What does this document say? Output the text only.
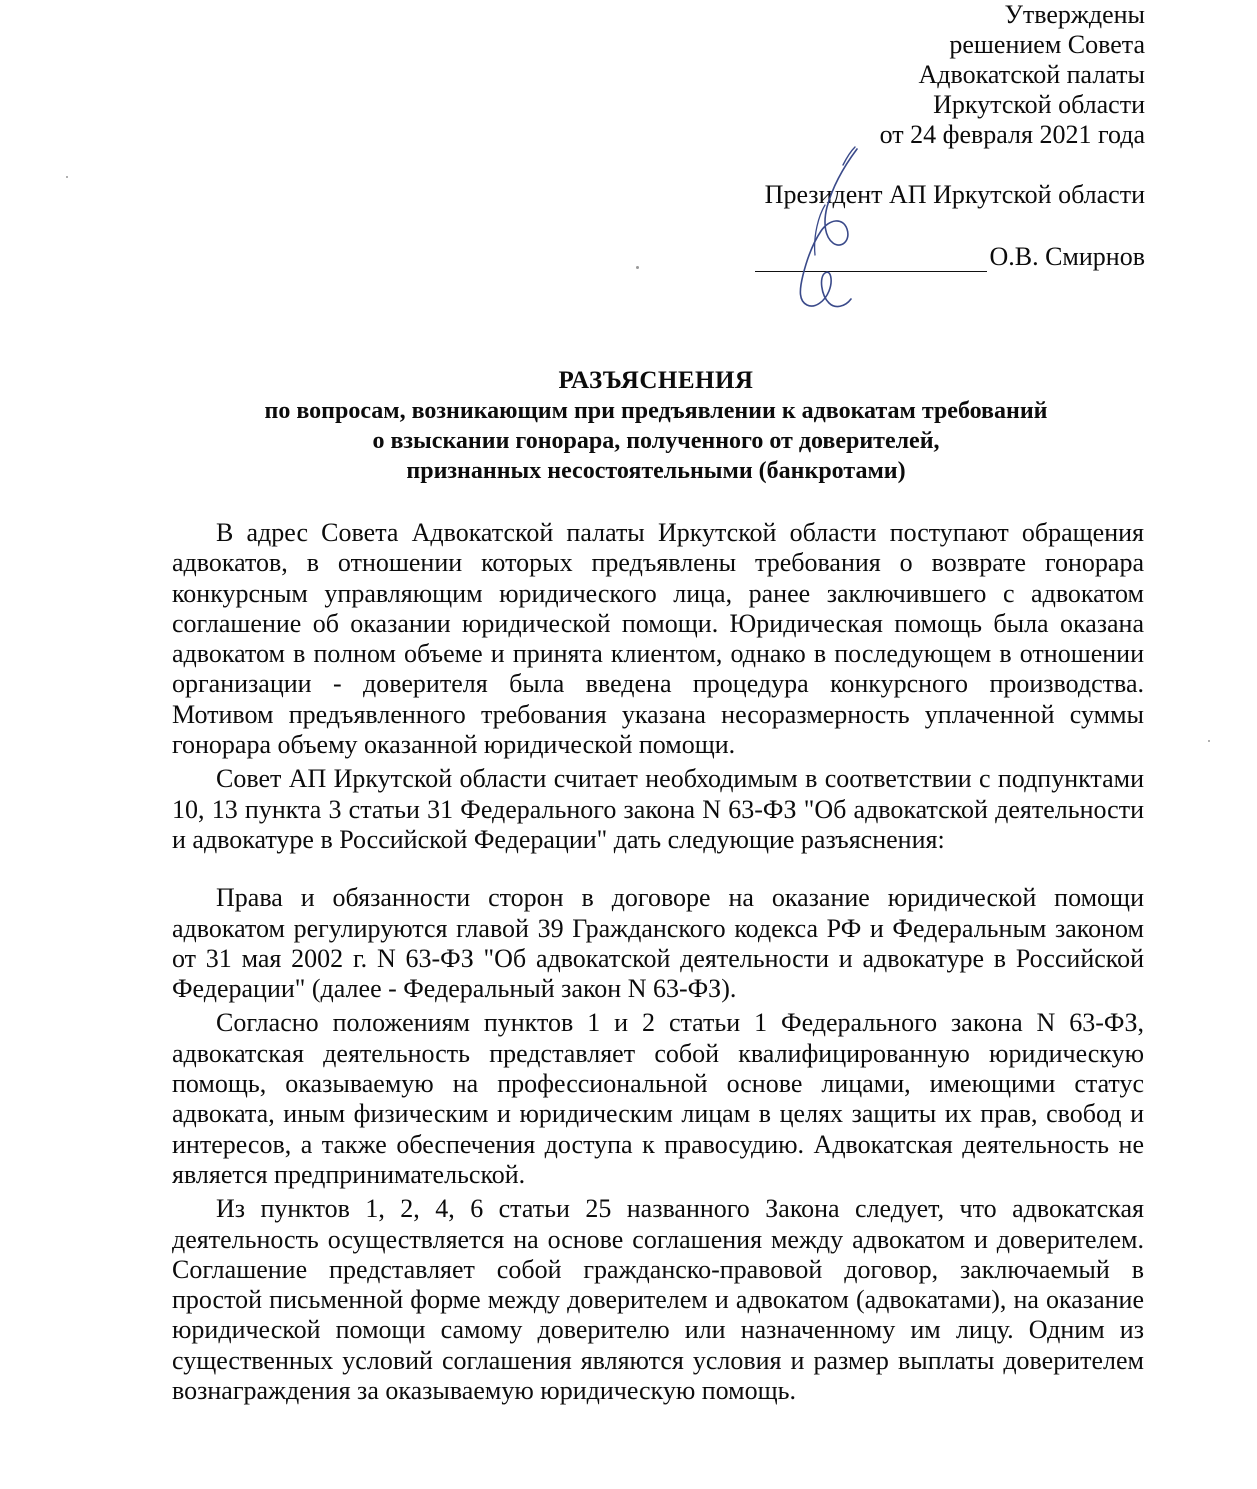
Утверждены
решением Совета
Адвокатской палаты
Иркутской области
от 24 февраля 2021 года
Президент АП Иркутской области
О.В. Смирнов
РАЗЪЯСНЕНИЯ
по вопросам, возникающим при предъявлении к адвокатам требований
о взыскании гонорара, полученного от доверителей,
признанных несостоятельными (банкротами)

В адрес Совета Адвокатской палаты Иркутской области поступают обращения адвокатов, в отношении которых предъявлены требования о возврате гонорара конкурсным управляющим юридического лица, ранее заключившего с адвокатом соглашение об оказании юридической помощи. Юридическая помощь была оказана адвокатом в полном объеме и принята клиентом, однако в последующем в отношении организации - доверителя была введена процедура конкурсного производства. Мотивом предъявленного требования указана несоразмерность уплаченной суммы гонорара объему оказанной юридической помощи.

Совет АП Иркутской области считает необходимым в соответствии с подпунктами 10, 13 пункта 3 статьи 31 Федерального закона N 63-ФЗ "Об адвокатской деятельности и адвокатуре в Российской Федерации" дать следующие разъяснения:

Права и обязанности сторон в договоре на оказание юридической помощи адвокатом регулируются главой 39 Гражданского кодекса РФ и Федеральным законом от 31 мая 2002 г. N 63-ФЗ "Об адвокатской деятельности и адвокатуре в Российской Федерации" (далее - Федеральный закон N 63-ФЗ).

Согласно положениям пунктов 1 и 2 статьи 1 Федерального закона N 63-ФЗ, адвокатская деятельность представляет собой квалифицированную юридическую помощь, оказываемую на профессиональной основе лицами, имеющими статус адвоката, иным физическим и юридическим лицам в целях защиты их прав, свобод и интересов, а также обеспечения доступа к правосудию. Адвокатская деятельность не является предпринимательской.

Из пунктов 1, 2, 4, 6 статьи 25 названного Закона следует, что адвокатская деятельность осуществляется на основе соглашения между адвокатом и доверителем. Соглашение представляет собой гражданско-правовой договор, заключаемый в простой письменной форме между доверителем и адвокатом (адвокатами), на оказание юридической помощи самому доверителю или назначенному им лицу. Одним из существенных условий соглашения являются условия и размер выплаты доверителем вознаграждения за оказываемую юридическую помощь.
